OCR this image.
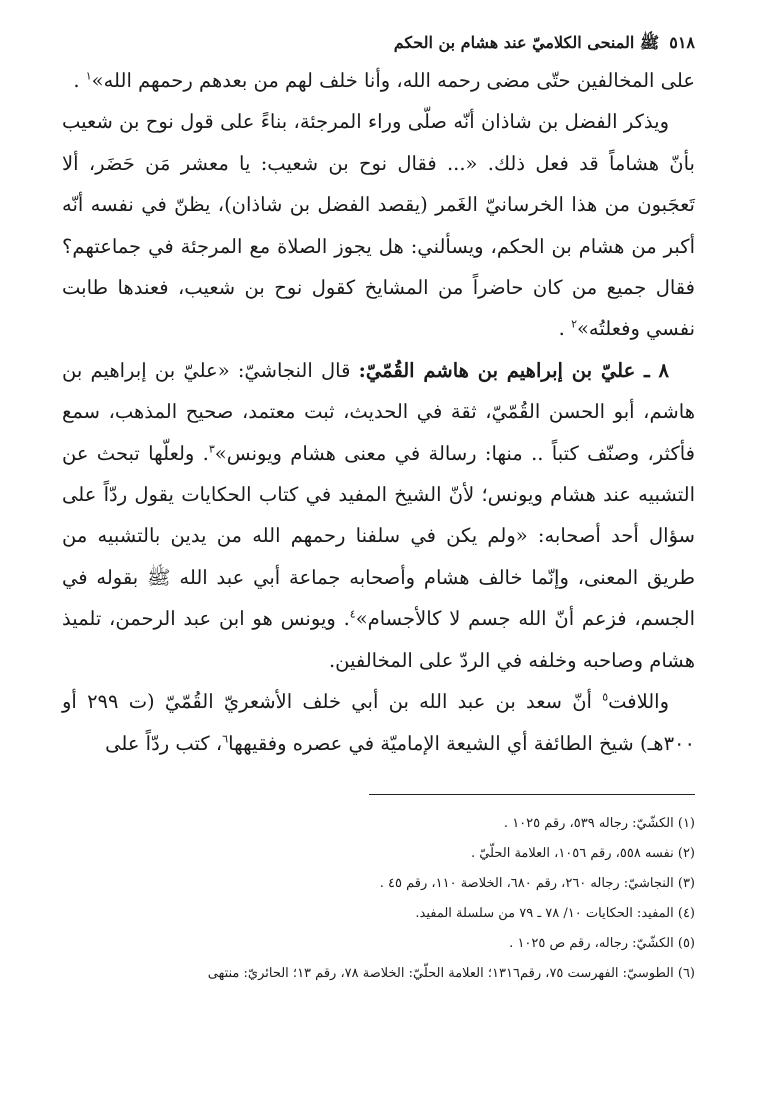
٥١٨
ﷺ المنحى الكلاميّ عند هشام بن الحكم

على المخالفين حتّى مضى رحمه الله، وأنا خلف لهم من بعدهم رحمهم الله»$^١$ .

ويذكر الفضل بن شاذان أنّه صلّى وراء المرجئة، بناءً على قول نوح بن شعيب بأنّ هشاماً قد فعل ذلك. «... فقال نوح بن شعيب: يا معشر مَن حَضَر، ألا تَعجَبون من هذا الخرسانيّ الغَمر (يقصد الفضل بن شاذان)، يظنّ في نفسه أنّه أكبر من هشام بن الحكم، ويسألني: هل يجوز الصلاة مع المرجئة في جماعتهم؟ فقال جميع من كان حاضراً من المشايخ كقول نوح بن شعيب، فعندها طابت نفسي وفعلتُه»$^٢$ .

٨ ـ عليّ بن إبراهيم بن هاشم القُمّيّ: قال النجاشيّ: «عليّ بن إبراهيم بن هاشم، أبو الحسن القُمّيّ، ثقة في الحديث، ثبت معتمد، صحيح المذهب، سمع فأكثر، وصنّف كتباً .. منها: رسالة في معنى هشام ويونس»$^٣$. ولعلّها تبحث عن التشبيه عند هشام ويونس؛ لأنّ الشيخ المفيد في كتاب الحكايات يقول ردّاً على سؤال أحد أصحابه: «ولم يكن في سلفنا رحمهم الله من يدين بالتشبيه من طريق المعنى، وإنّما خالف هشام وأصحابه جماعة أبي عبد الله ﷺ بقوله في الجسم، فزعم أنّ الله جسم لا كالأجسام»$^٤$. ويونس هو ابن عبد الرحمن، تلميذ هشام وصاحبه وخلفه في الردّ على المخالفين.

واللافت$^٥$ أنّ سعد بن عبد الله بن أبي خلف الأشعريّ القُمّيّ (ت ٢٩٩ أو ٣٠٠هـ) شيخ الطائفة أي الشيعة الإماميّة في عصره وفقيهها$^٦$، كتب ردّاً على

(١) الكشّيّ: رجاله ٥٣٩، رقم ١٠٢٥ .

(٢) نفسه ٥٥٨، رقم ١٠٥٦، العلامة الحلّيّ .

(٣) النجاشيّ: رجاله ٢٦٠، رقم ٦٨٠، الخلاصة ١١٠، رقم ٤٥ .

(٤) المفيد: الحكايات ١٠/ ٧٨ ـ ٧٩ من سلسلة المفيد.

(٥) الكشّيّ: رجاله، رقم ص ١٠٢٥ .

(٦) الطوسيّ: الفهرست ٧٥، رقم١٣١٦؛ العلامة الحلّيّ: الخلاصة ٧٨، رقم ١٣؛ الحائريّ: منتهى
